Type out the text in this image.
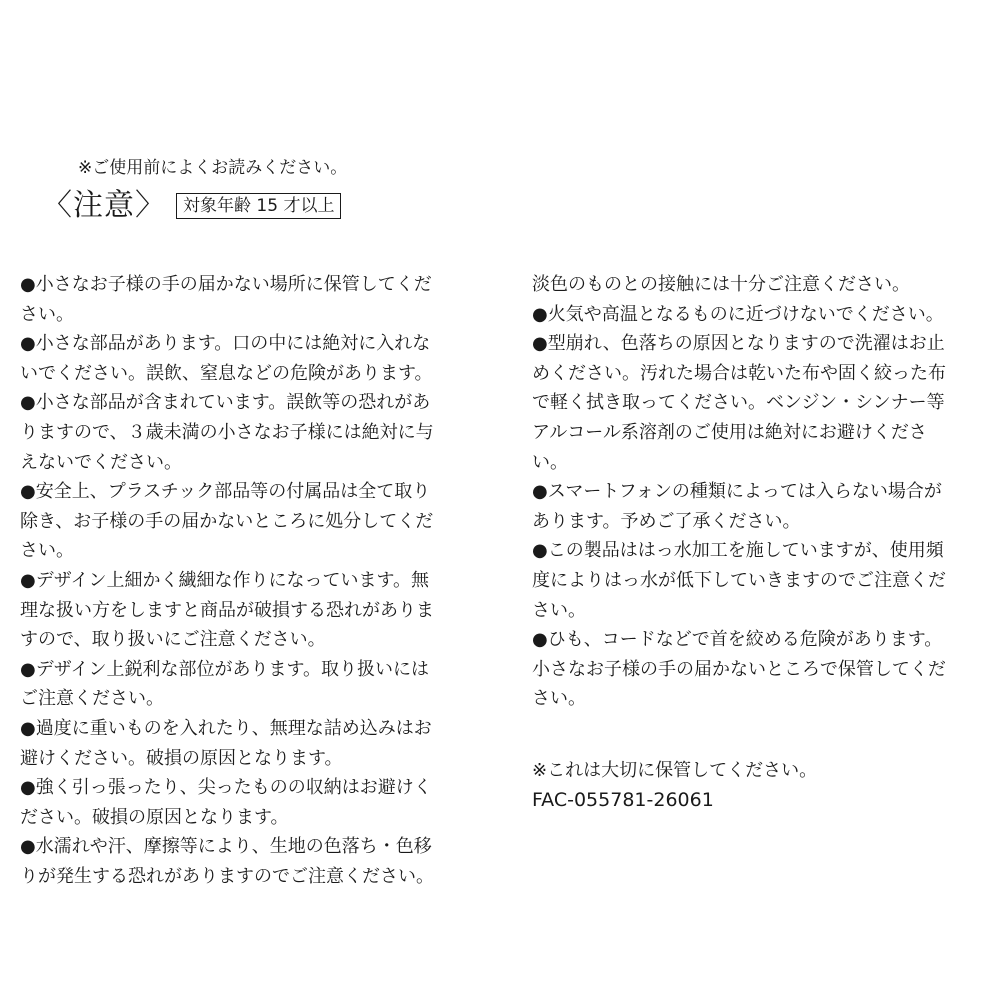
※ご使用前によくお読みください。

〈注意〉	対象年齢 15 才以上
●小さなお子様の手の届かない場所に保管してくだ
さい。
●小さな部品があります。口の中には絶対に入れな
いでください。誤飲、窒息などの危険があります。
●小さな部品が含まれています。誤飲等の恐れがあ
りますので、３歳未満の小さなお子様には絶対に与
えないでください。
●安全上、プラスチック部品等の付属品は全て取り
除き、お子様の手の届かないところに処分してくだ
さい。
●デザイン上細かく繊細な作りになっています。無
理な扱い方をしますと商品が破損する恐れがありま
すので、取り扱いにご注意ください。
●デザイン上鋭利な部位があります。取り扱いには
ご注意ください。
●過度に重いものを入れたり、無理な詰め込みはお
避けください。破損の原因となります。
●強く引っ張ったり、尖ったものの収納はお避けく
ださい。破損の原因となります。
●水濡れや汗、摩擦等により、生地の色落ち・色移
りが発生する恐れがありますのでご注意ください。
淡色のものとの接触には十分ご注意ください。
●火気や高温となるものに近づけないでください。
●型崩れ、色落ちの原因となりますので洗濯はお止
めください。汚れた場合は乾いた布や固く絞った布
で軽く拭き取ってください。ベンジン・シンナー等
アルコール系溶剤のご使用は絶対にお避けくださ
い。
●スマートフォンの種類によっては入らない場合が
あります。予めご了承ください。
●この製品ははっ水加工を施していますが、使用頻
度によりはっ水が低下していきますのでご注意くだ
さい。
●ひも、コードなどで首を絞める危険があります。
小さなお子様の手の届かないところで保管してくだ
さい。
※これは大切に保管してください。
FAC-055781-26061
